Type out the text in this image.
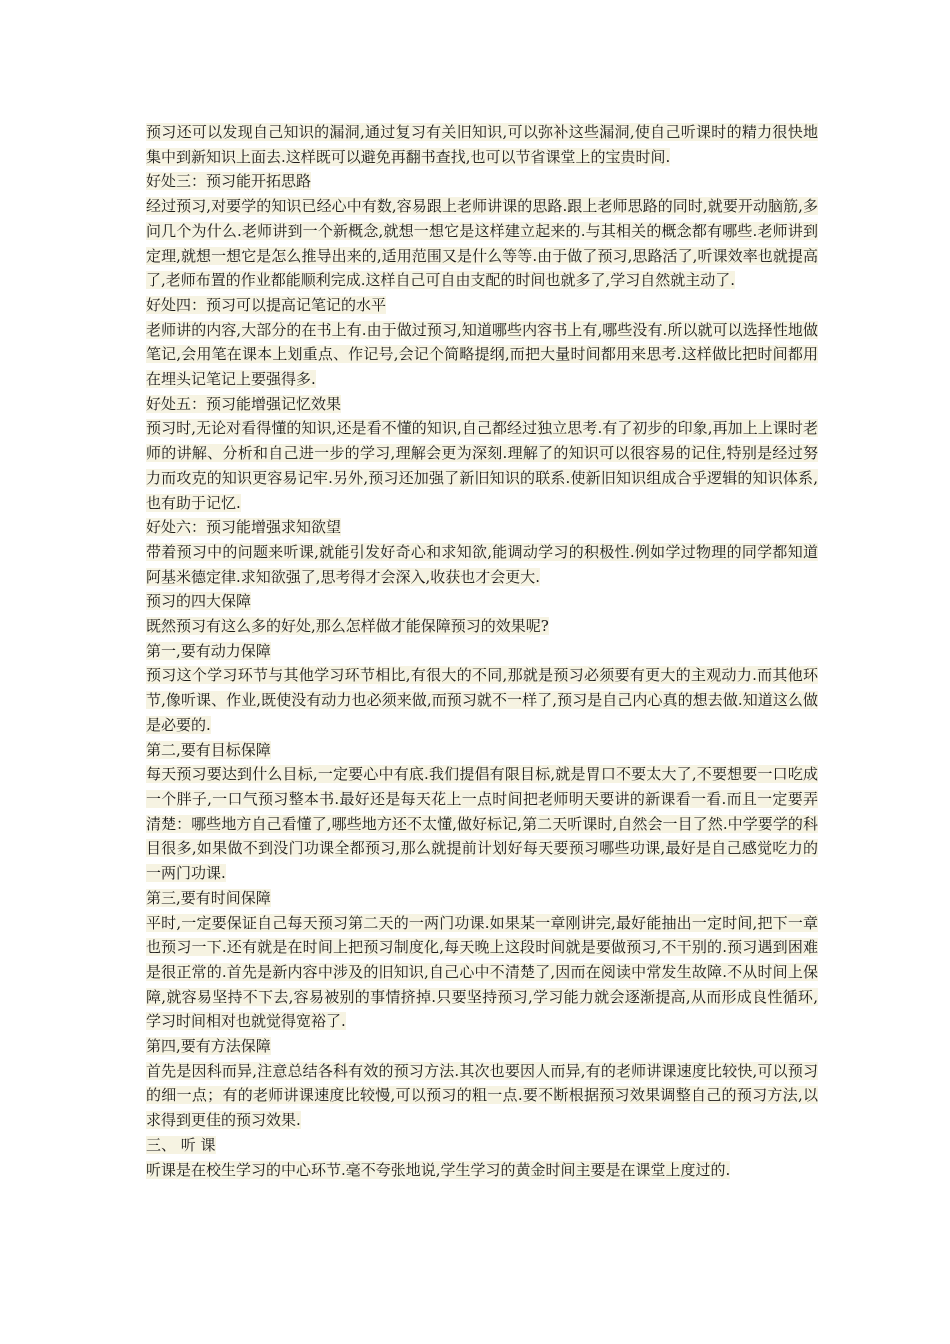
预习还可以发现自己知识的漏洞,通过复习有关旧知识,可以弥补这些漏洞,使自己听课时的精力很快地集中到新知识上面去.这样既可以避免再翻书查找,也可以节省课堂上的宝贵时间.

好处三：预习能开拓思路

经过预习,对要学的知识已经心中有数,容易跟上老师讲课的思路.跟上老师思路的同时,就要开动脑筋,多问几个为什么.老师讲到一个新概念,就想一想它是这样建立起来的.与其相关的概念都有哪些.老师讲到定理,就想一想它是怎么推导出来的,适用范围又是什么等等.由于做了预习,思路活了,听课效率也就提高了,老师布置的作业都能顺利完成.这样自己可自由支配的时间也就多了,学习自然就主动了.

好处四：预习可以提高记笔记的水平

老师讲的内容,大部分的在书上有.由于做过预习,知道哪些内容书上有,哪些没有.所以就可以选择性地做笔记,会用笔在课本上划重点、作记号,会记个简略提纲,而把大量时间都用来思考.这样做比把时间都用在埋头记笔记上要强得多.

好处五：预习能增强记忆效果

预习时,无论对看得懂的知识,还是看不懂的知识,自己都经过独立思考.有了初步的印象,再加上上课时老师的讲解、分析和自己进一步的学习,理解会更为深刻.理解了的知识可以很容易的记住,特别是经过努力而攻克的知识更容易记牢.另外,预习还加强了新旧知识的联系.使新旧知识组成合乎逻辑的知识体系,也有助于记忆.

好处六：预习能增强求知欲望

带着预习中的问题来听课,就能引发好奇心和求知欲,能调动学习的积极性.例如学过物理的同学都知道阿基米德定律.求知欲强了,思考得才会深入,收获也才会更大.

预习的四大保障

既然预习有这么多的好处,那么怎样做才能保障预习的效果呢?

第一,要有动力保障

预习这个学习环节与其他学习环节相比,有很大的不同,那就是预习必须要有更大的主观动力.而其他环节,像听课、作业,既使没有动力也必须来做,而预习就不一样了,预习是自己内心真的想去做.知道这么做是必要的.

第二,要有目标保障

每天预习要达到什么目标,一定要心中有底.我们提倡有限目标,就是胃口不要太大了,不要想要一口吃成一个胖子,一口气预习整本书.最好还是每天花上一点时间把老师明天要讲的新课看一看.而且一定要弄清楚：哪些地方自己看懂了,哪些地方还不太懂,做好标记,第二天听课时,自然会一目了然.中学要学的科目很多,如果做不到没门功课全都预习,那么就提前计划好每天要预习哪些功课,最好是自己感觉吃力的一两门功课.

第三,要有时间保障

平时,一定要保证自己每天预习第二天的一两门功课.如果某一章刚讲完,最好能抽出一定时间,把下一章也预习一下.还有就是在时间上把预习制度化,每天晚上这段时间就是要做预习,不干别的.预习遇到困难是很正常的.首先是新内容中涉及的旧知识,自己心中不清楚了,因而在阅读中常发生故障.不从时间上保障,就容易坚持不下去,容易被别的事情挤掉.只要坚持预习,学习能力就会逐渐提高,从而形成良性循环,学习时间相对也就觉得宽裕了.

第四,要有方法保障

首先是因科而异,注意总结各科有效的预习方法.其次也要因人而异,有的老师讲课速度比较快,可以预习的细一点；有的老师讲课速度比较慢,可以预习的粗一点.要不断根据预习效果调整自己的预习方法,以求得到更佳的预习效果.

三、 听 课

听课是在校生学习的中心环节.毫不夸张地说,学生学习的黄金时间主要是在课堂上度过的.
